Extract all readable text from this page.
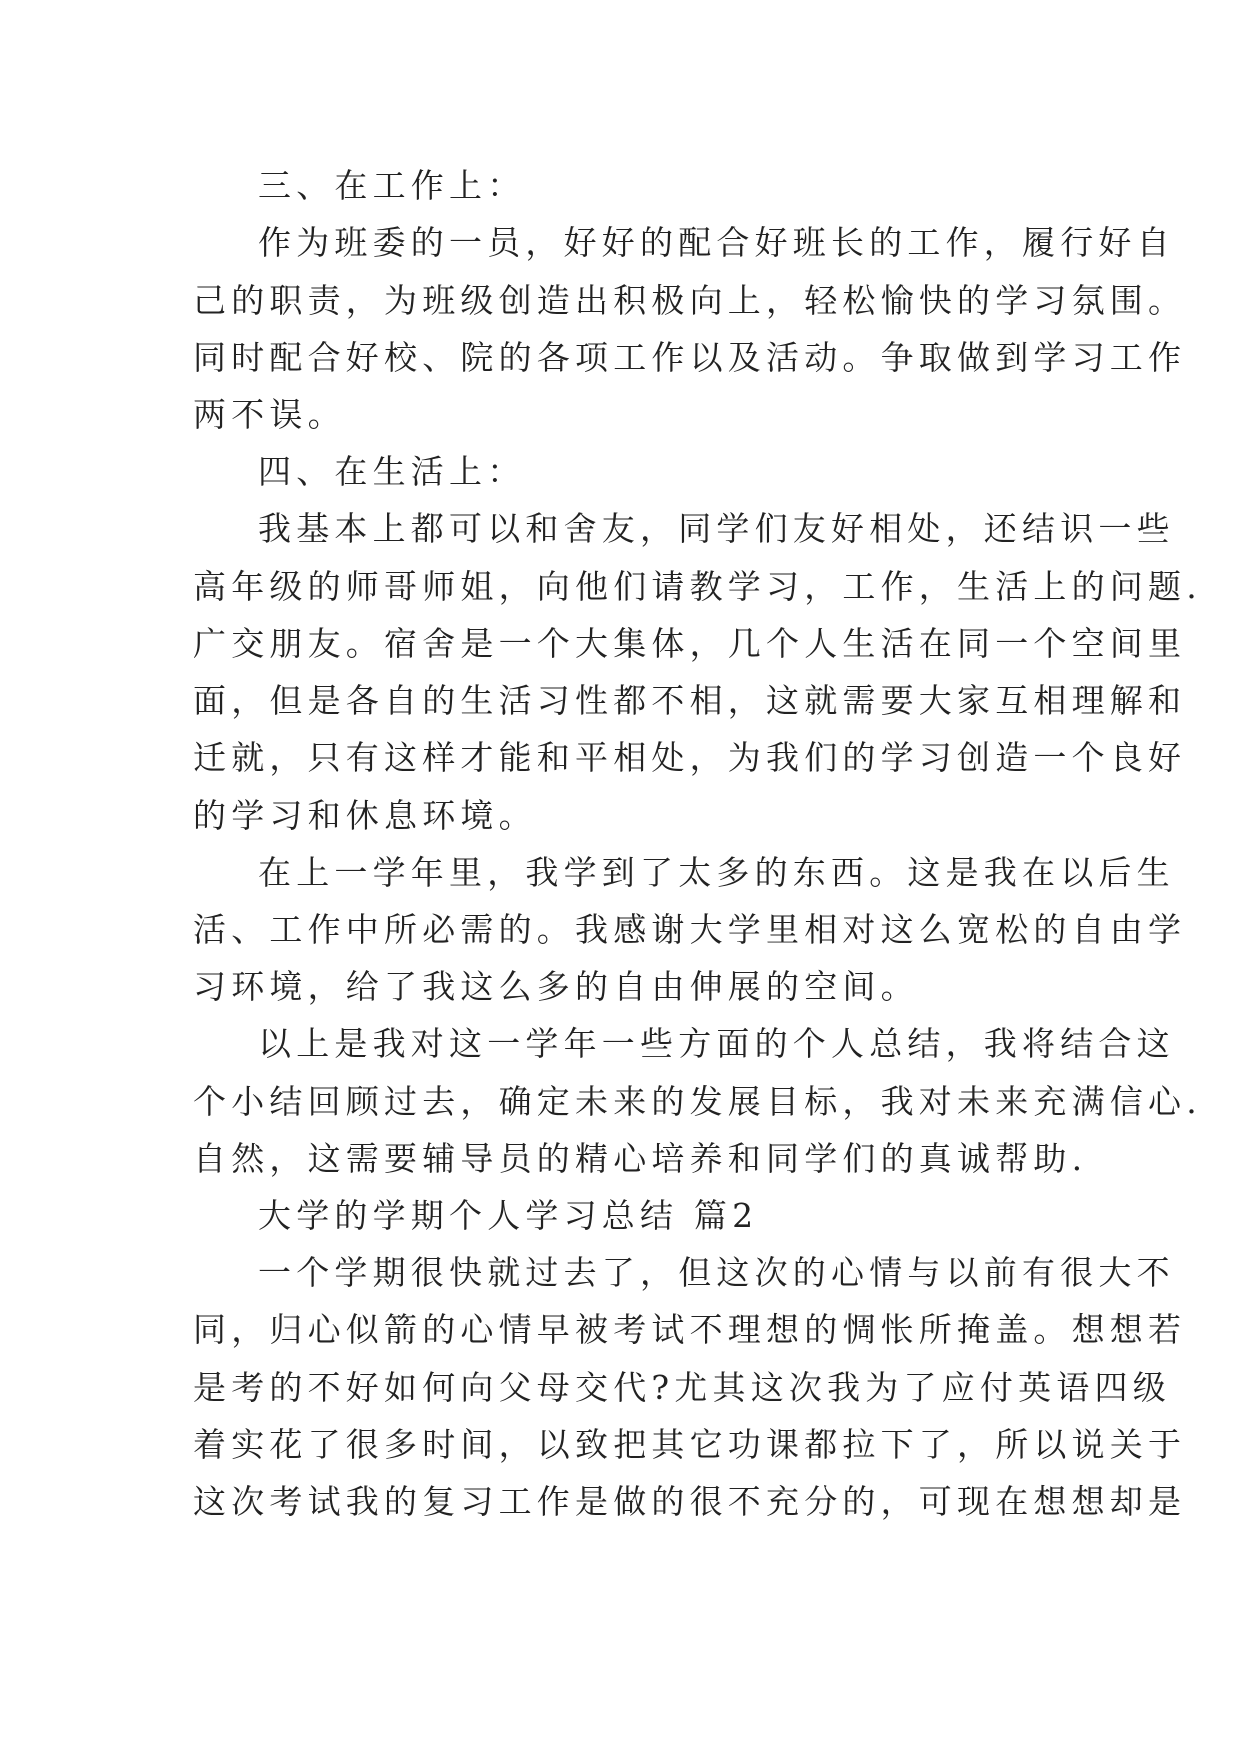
三、在工作上：
作为班委的一员，好好的配合好班长的工作，履行好自
己的职责，为班级创造出积极向上，轻松愉快的学习氛围。
同时配合好校、院的各项工作以及活动。争取做到学习工作
两不误。
四、在生活上：
我基本上都可以和舍友，同学们友好相处，还结识一些
高年级的师哥师姐，向他们请教学习，工作，生活上的问题.
广交朋友。宿舍是一个大集体，几个人生活在同一个空间里
面，但是各自的生活习性都不相，这就需要大家互相理解和
迁就，只有这样才能和平相处，为我们的学习创造一个良好
的学习和休息环境。
在上一学年里，我学到了太多的东西。这是我在以后生
活、工作中所必需的。我感谢大学里相对这么宽松的自由学
习环境，给了我这么多的自由伸展的空间。
以上是我对这一学年一些方面的个人总结，我将结合这
个小结回顾过去，确定未来的发展目标，我对未来充满信心.
自然，这需要辅导员的精心培养和同学们的真诚帮助.
大学的学期个人学习总结 篇2
一个学期很快就过去了，但这次的心情与以前有很大不
同，归心似箭的心情早被考试不理想的惆怅所掩盖。想想若
是考的不好如何向父母交代?尤其这次我为了应付英语四级
着实花了很多时间，以致把其它功课都拉下了，所以说关于
这次考试我的复习工作是做的很不充分的，可现在想想却是
